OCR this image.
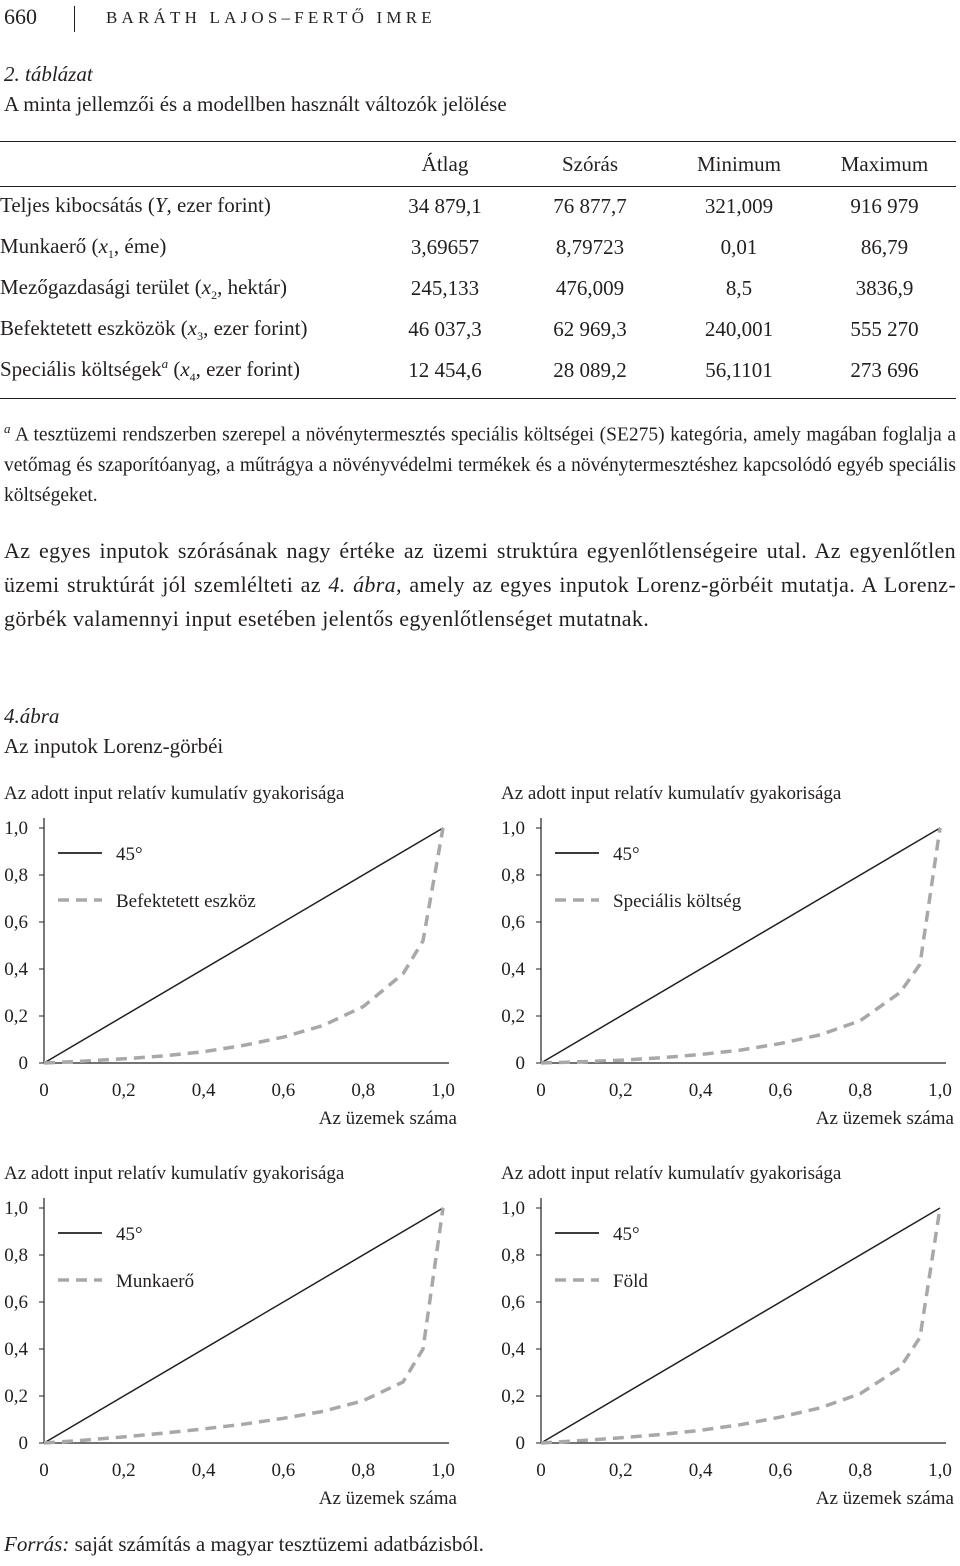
660	BARÁTH LAJOS–FERTŐ IMRE
2. táblázat
A minta jellemzői és a modellben használt változók jelölése
	Átlag	Szórás	Minimum	Maximum
Teljes kibocsátás (Y, ezer forint)	34 879,1	76 877,7	321,009	916 979
Munkaerő ($x_1$, éme)	3,69657	8,79723	0,01	86,79
Mezőgazdasági terület ($x_2$, hektár)	245,133	476,009	8,5	3836,9
Befektetett eszközök ($x_3$, ezer forint)	46 037,3	62 969,3	240,001	555 270
Speciális költségek$^a$ ($x_4$, ezer forint)	12 454,6	28 089,2	56,1101	273 696
$^a$ A tesztüzemi rendszerben szerepel a növénytermesztés speciális költségei (SE275) kategória, amely magában foglalja a vetőmag és szaporítóanyag, a műtrágya a növényvédelmi termékek és a növénytermesztéshez kapcsolódó egyéb speciális költségeket.
Az egyes inputok szórásának nagy értéke az üzemi struktúra egyenlőtlenségeire utal. Az egyenlőtlen üzemi struktúrát jól szemlélteti az 4. ábra, amely az egyes inputok Lorenz-görbéit mutatja. A Lorenz-görbék valamennyi input esetében jelentős egyenlőtlenséget mutatnak.
4.ábra
Az inputok Lorenz-görbéi
Az adott input relatív kumulatív gyakorisága
0
0
0,2
0,2
0,4
0,4
0,6
0,6
0,8
0,8
1,0
1,0
Az üzemek száma
45°
Befektetett eszköz
Az adott input relatív kumulatív gyakorisága
0
0
0,2
0,2
0,4
0,4
0,6
0,6
0,8
0,8
1,0
1,0
Az üzemek száma
45°
Speciális költség
Az adott input relatív kumulatív gyakorisága
0
0
0,2
0,2
0,4
0,4
0,6
0,6
0,8
0,8
1,0
1,0
Az üzemek száma
45°
Munkaerő
Az adott input relatív kumulatív gyakorisága
0
0
0,2
0,2
0,4
0,4
0,6
0,6
0,8
0,8
1,0
1,0
Az üzemek száma
45°
Föld
Forrás: saját számítás a magyar tesztüzemi adatbázisból.
